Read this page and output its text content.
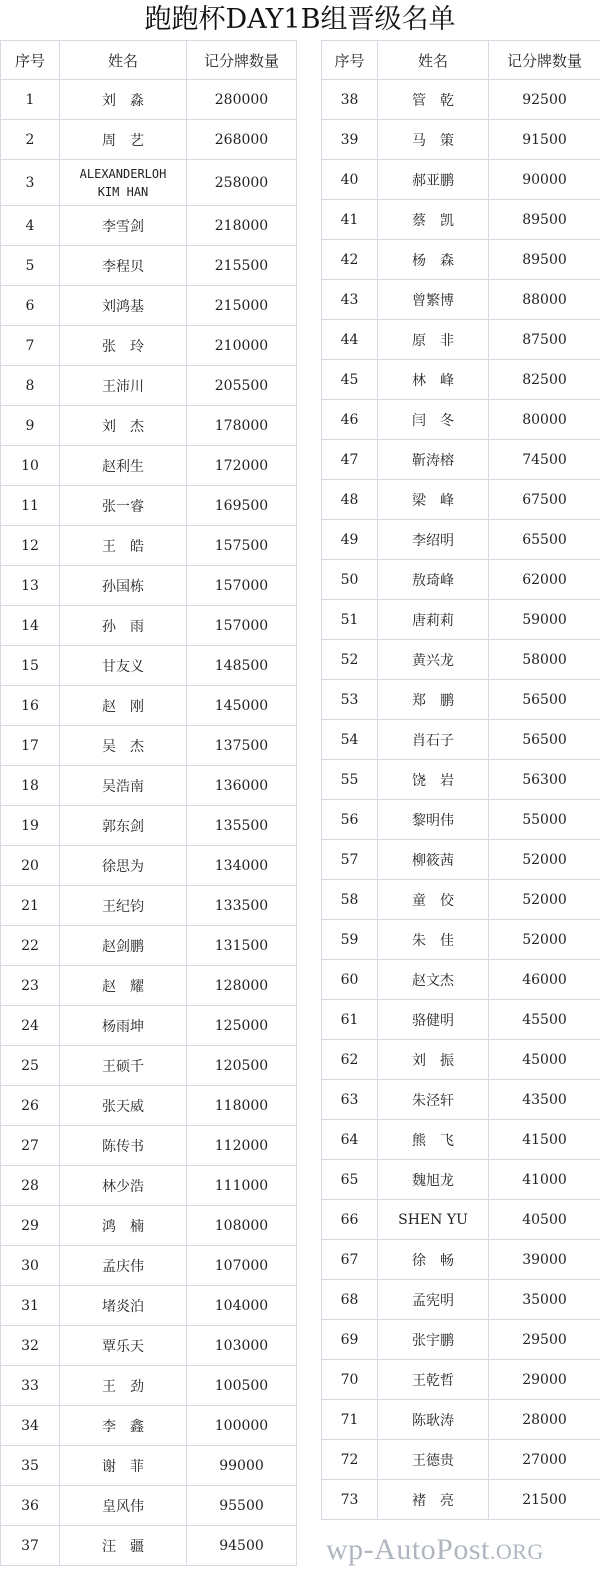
跑跑杯DAY1B组晋级名单
序号	姓名	记分牌数量
1	刘　淼	280000
2	周　艺	268000
3	ALEXANDERLOH
KIM HAN	258000
4	李雪剑	218000
5	李程贝	215500
6	刘鸿基	215000
7	张　玲	210000
8	王沛川	205500
9	刘　杰	178000
10	赵利生	172000
11	张一睿	169500
12	王　皓	157500
13	孙国栋	157000
14	孙　雨	157000
15	甘友义	148500
16	赵　刚	145000
17	吴　杰	137500
18	吴浩南	136000
19	郭东剑	135500
20	徐思为	134000
21	王纪钧	133500
22	赵剑鹏	131500
23	赵　耀	128000
24	杨雨坤	125000
25	王硕千	120500
26	张天威	118000
27	陈传书	112000
28	林少浩	111000
29	鸿　楠	108000
30	孟庆伟	107000
31	堵炎泊	104000
32	覃乐天	103000
33	王　劲	100500
34	李　鑫	100000
35	谢　菲	99000
36	皇风伟	95500
37	汪　疆	94500
序号	姓名	记分牌数量
38	管　乾	92500
39	马　策	91500
40	郝亚鹏	90000
41	蔡　凯	89500
42	杨　森	89500
43	曾繁博	88000
44	原　非	87500
45	林　峰	82500
46	闫　冬	80000
47	靳涛榕	74500
48	梁　峰	67500
49	李绍明	65500
50	敖琦峰	62000
51	唐莉莉	59000
52	黄兴龙	58000
53	郑　鹏	56500
54	肖石子	56500
55	饶　岩	56300
56	黎明伟	55000
57	柳筱茜	52000
58	童　佼	52000
59	朱　佳	52000
60	赵文杰	46000
61	骆健明	45500
62	刘　振	45000
63	朱泾轩	43500
64	熊　飞	41500
65	魏旭龙	41000
66	SHEN YU	40500
67	徐　畅	39000
68	孟宪明	35000
69	张宇鹏	29500
70	王乾哲	29000
71	陈耿涛	28000
72	王德贵	27000
73	褚　亮	21500
wp-AutoPost.ORG
